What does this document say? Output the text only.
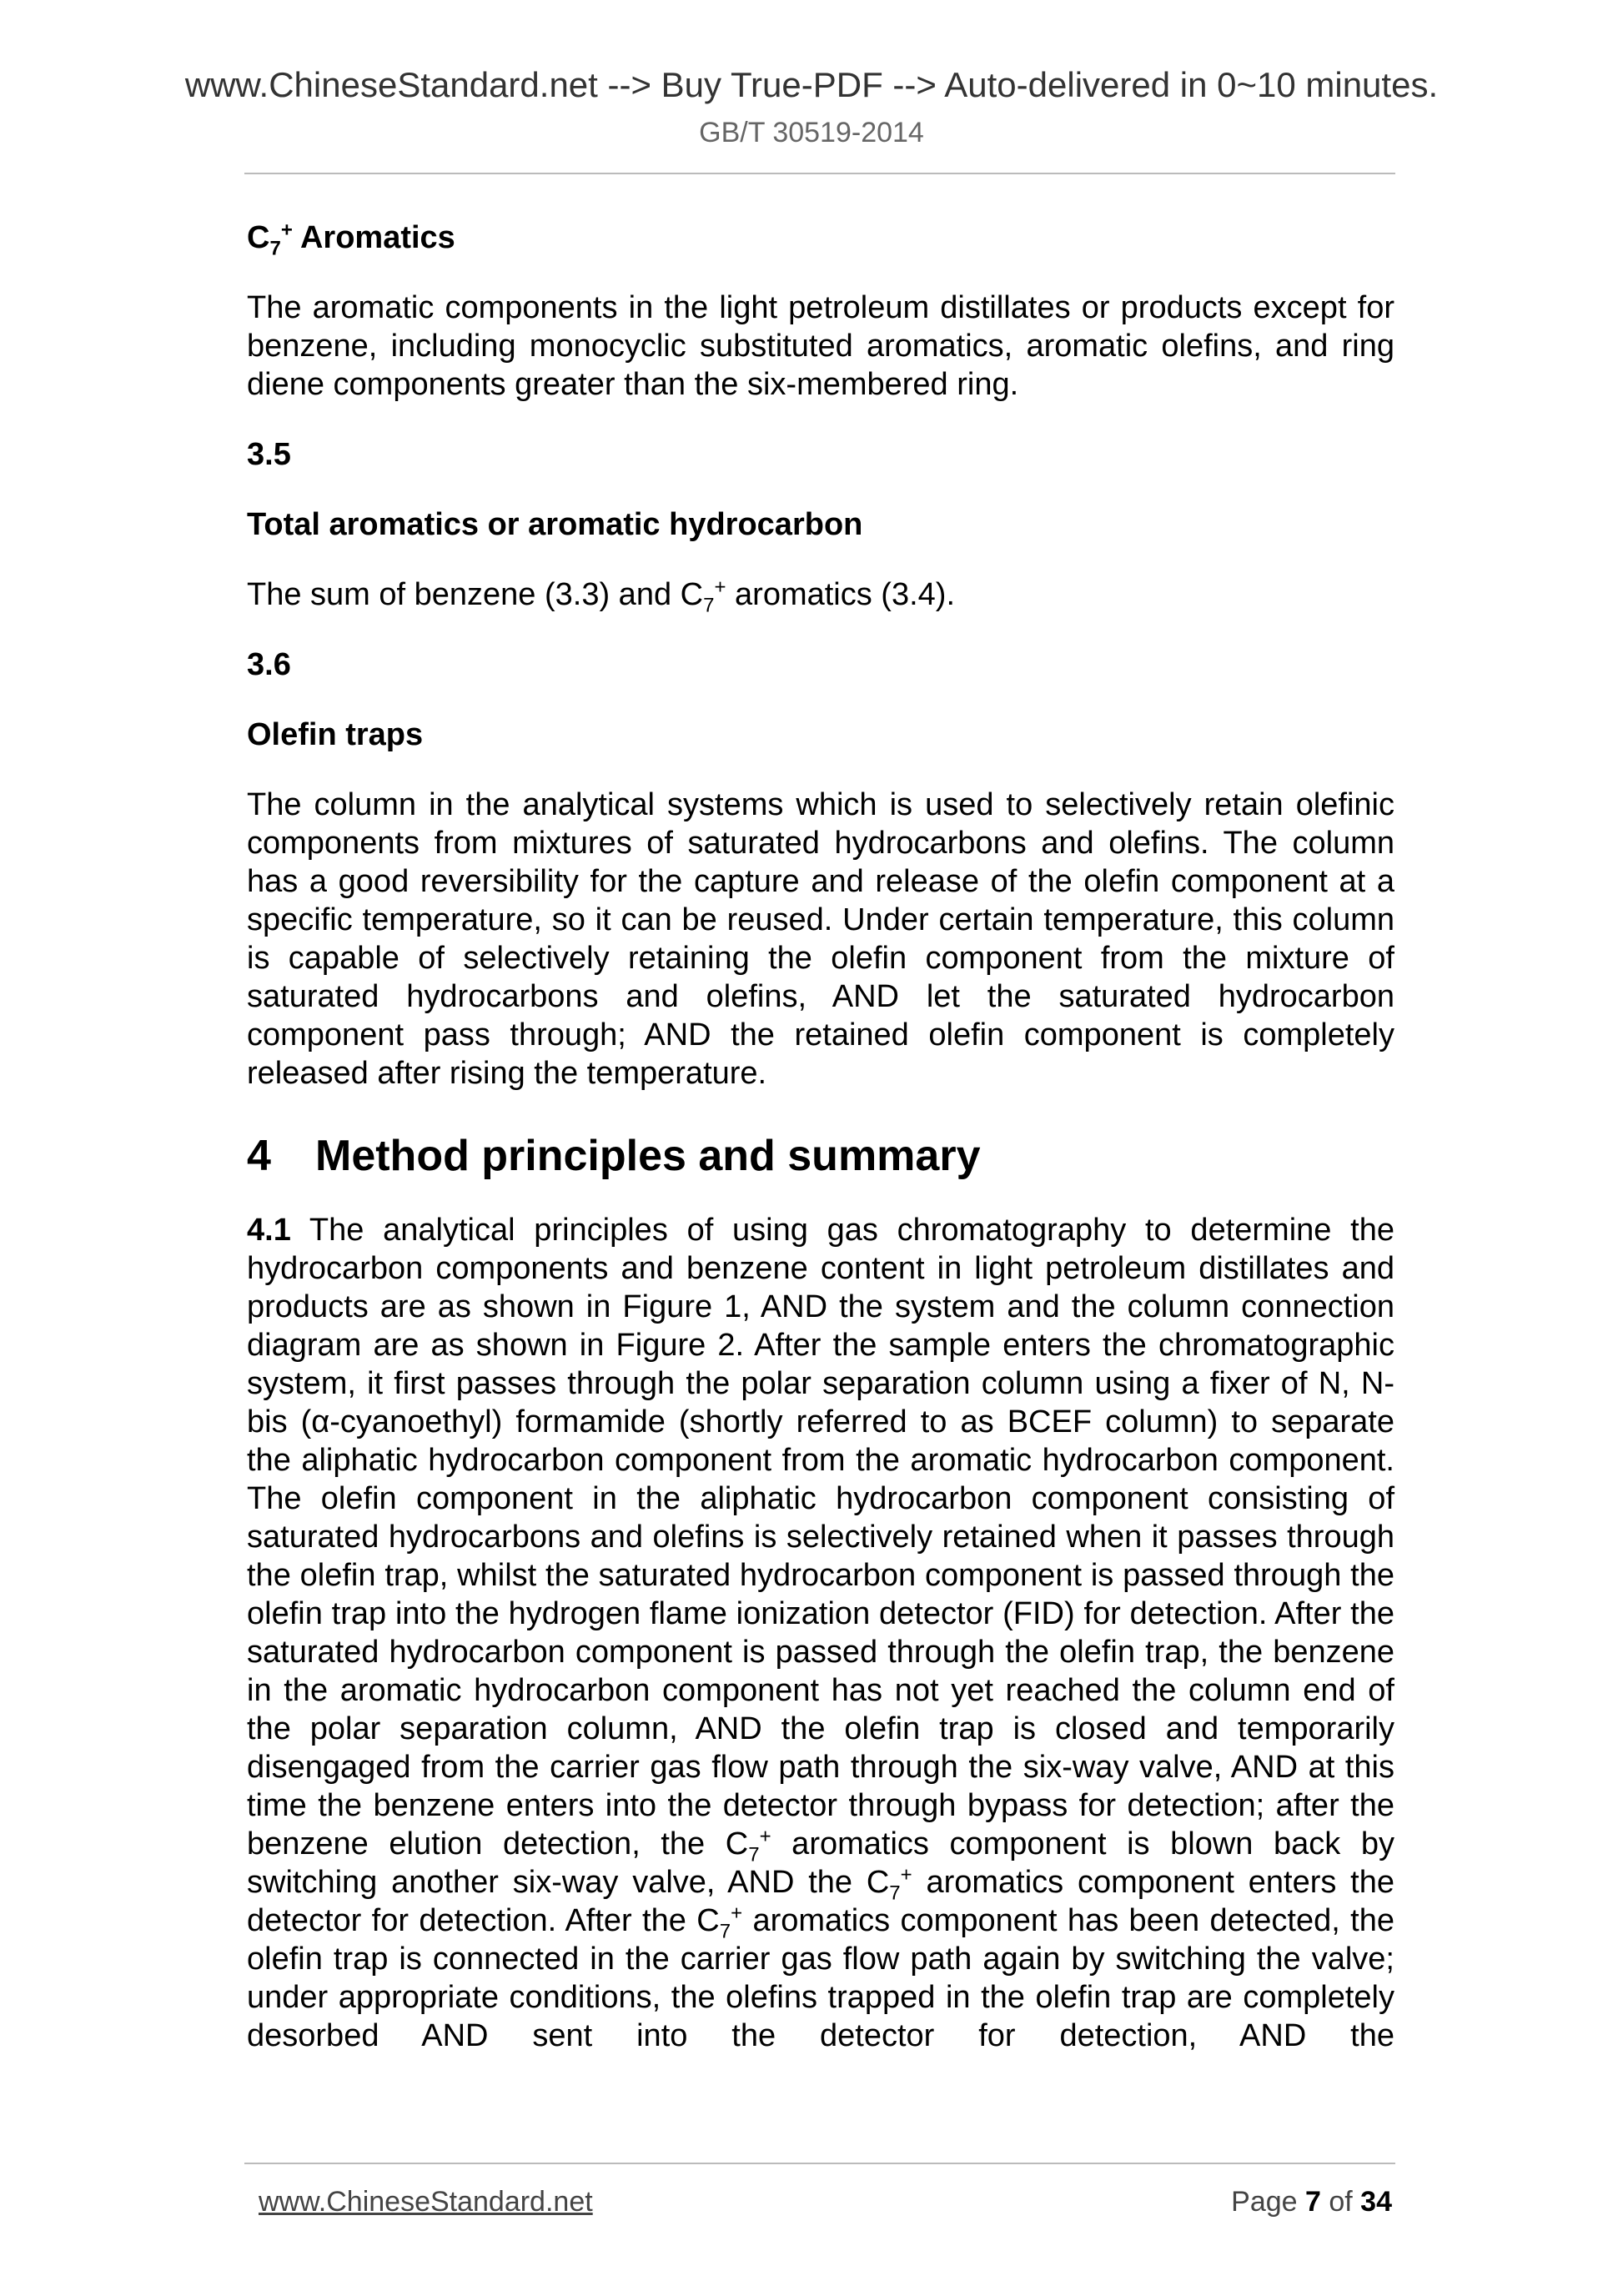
www.ChineseStandard.net --> Buy True-PDF --> Auto-delivered in 0~10 minutes.
GB/T 30519-2014

$C_7^+$ Aromatics

The aromatic components in the light petroleum distillates or products except for benzene, including monocyclic substituted aromatics, aromatic olefins, and ring diene components greater than the six-membered ring.

3.5

Total aromatics or aromatic hydrocarbon

The sum of benzene (3.3) and $C_7^+$ aromatics (3.4).

3.6

Olefin traps

The column in the analytical systems which is used to selectively retain olefinic components from mixtures of saturated hydrocarbons and olefins. The column has a good reversibility for the capture and release of the olefin component at a specific temperature, so it can be reused. Under certain temperature, this column is capable of selectively retaining the olefin component from the mixture of saturated hydrocarbons and olefins, AND let the saturated hydrocarbon component pass through; AND the retained olefin component is completely released after rising the temperature.

4 Method principles and summary

4.1 The analytical principles of using gas chromatography to determine the hydrocarbon components and benzene content in light petroleum distillates and products are as shown in Figure 1, AND the system and the column connection diagram are as shown in Figure 2. After the sample enters the chromatographic system, it first passes through the polar separation column using a fixer of N, N-bis (α-cyanoethyl) formamide (shortly referred to as BCEF column) to separate the aliphatic hydrocarbon component from the aromatic hydrocarbon component. The olefin component in the aliphatic hydrocarbon component consisting of saturated hydrocarbons and olefins is selectively retained when it passes through the olefin trap, whilst the saturated hydrocarbon component is passed through the olefin trap into the hydrogen flame ionization detector (FID) for detection. After the saturated hydrocarbon component is passed through the olefin trap, the benzene in the aromatic hydrocarbon component has not yet reached the column end of the polar separation column, AND the olefin trap is closed and temporarily disengaged from the carrier gas flow path through the six-way valve, AND at this time the benzene enters into the detector through bypass for detection; after the benzene elution detection, the $C_7^+$ aromatics component is blown back by switching another six-way valve, AND the $C_7^+$ aromatics component enters the detector for detection. After the $C_7^+$ aromatics component has been detected, the olefin trap is connected in the carrier gas flow path again by switching the valve; under appropriate conditions, the olefins trapped in the olefin trap are completely desorbed AND sent into the detector for detection, AND the

www.ChineseStandard.net	Page 7 of 34
